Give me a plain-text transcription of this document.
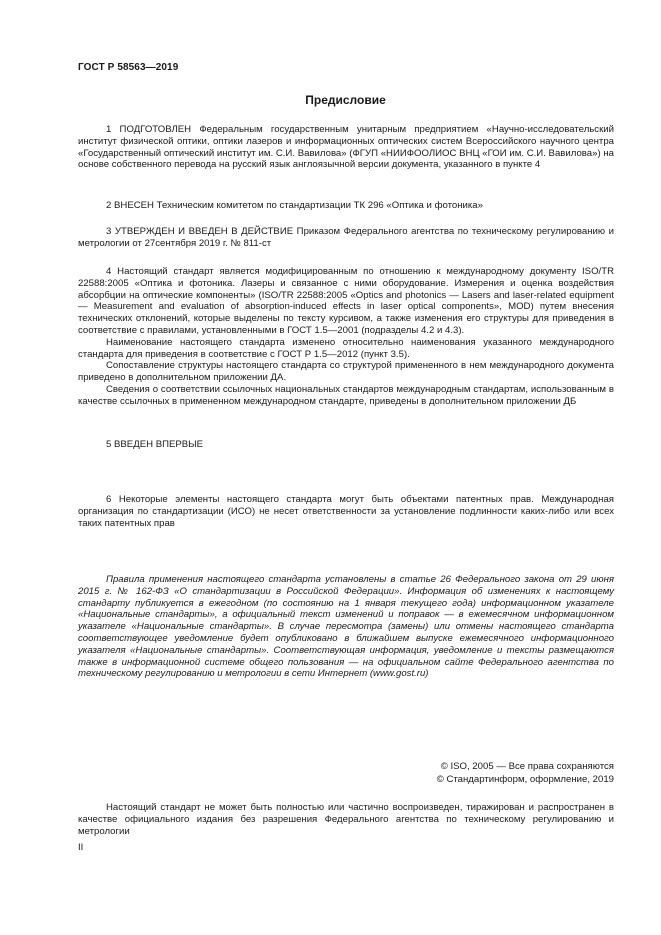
ГОСТ Р 58563—2019
Предисловие

1 ПОДГОТОВЛЕН Федеральным государственным унитарным предприятием «Научно-исследовательский институт физической оптики, оптики лазеров и информационных оптических систем Всероссийского научного центра «Государственный оптический институт им. С.И. Вавилова» (ФГУП «НИИФООЛИОС ВНЦ «ГОИ им. С.И. Вавилова») на основе собственного перевода на русский язык англоязычной версии документа, указанного в пункте 4

2 ВНЕСЕН Техническим комитетом по стандартизации ТК 296 «Оптика и фотоника»

3 УТВЕРЖДЕН И ВВЕДЕН В ДЕЙСТВИЕ Приказом Федерального агентства по техническому регулированию и метрологии от 27сентября 2019 г. № 811-ст

4 Настоящий стандарт является модифицированным по отношению к международному документу ISO/TR 22588:2005 «Оптика и фотоника. Лазеры и связанное с ними оборудование. Измерения и оценка воздействия абсорбции на оптические компоненты» (ISO/TR 22588:2005 «Optics and photonics — Lasers and laser-related equipment — Measurement and evaluation of absorption-induced effects in laser optical components», MOD) путем внесения технических отклонений, которые выделены по тексту курсивом, а также изменения его структуры для приведения в соответствие с правилами, установленными в ГОСТ 1.5—2001 (подразделы 4.2 и 4.3).

Наименование настоящего стандарта изменено относительно наименования указанного международного стандарта для приведения в соответствие с ГОСТ Р 1.5—2012 (пункт 3.5).

Сопоставление структуры настоящего стандарта со структурой примененного в нем международного документа приведено в дополнительном приложении ДА.

Сведения о соответствии ссылочных национальных стандартов международным стандартам, использованным в качестве ссылочных в примененном международном стандарте, приведены в дополнительном приложении ДБ

5 ВВЕДЕН ВПЕРВЫЕ

6 Некоторые элементы настоящего стандарта могут быть объектами патентных прав. Международная организация по стандартизации (ИСО) не несет ответственности за установление подлинности каких-либо или всех таких патентных прав

Правила применения настоящего стандарта установлены в статье 26 Федерального закона от 29 июня 2015 г. № 162-ФЗ «О стандартизации в Российской Федерации». Информация об изменениях к настоящему стандарту публикуется в ежегодном (по состоянию на 1 января текущего года) информационном указателе «Национальные стандарты», а официальный текст изменений и поправок — в ежемесячном информационном указателе «Национальные стандарты». В случае пересмотра (замены) или отмены настоящего стандарта соответствующее уведомление будет опубликовано в ближайшем выпуске ежемесячного информационного указателя «Национальные стандарты». Соответствующая информация, уведомление и тексты размещаются также в информационной системе общего пользования — на официальном сайте Федерального агентства по техническому регулированию и метрологии в сети Интернет (www.gost.ru)

© ISO, 2005 — Все права сохраняются
© Стандартинформ, оформление, 2019

Настоящий стандарт не может быть полностью или частично воспроизведен, тиражирован и распространен в качестве официального издания без разрешения Федерального агентства по техническому регулированию и метрологии

II
